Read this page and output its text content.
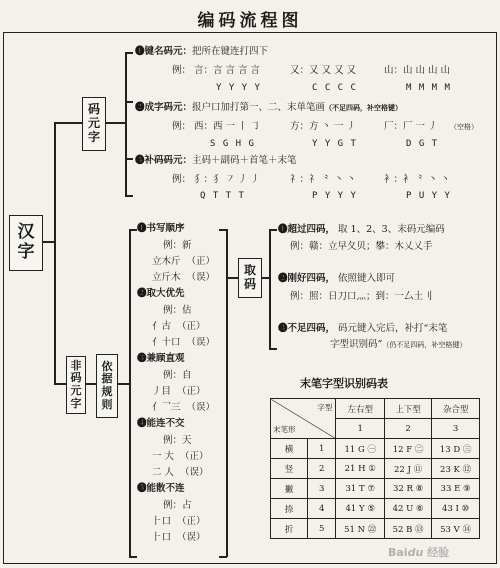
编码流程图
汉
字
码
元
字
❶键名码元：把所在键连打四下
例： 言：言 言 言 言	又：又 又 又 又	山：山 山 山 山
Y Y Y Y	C C C C	M M M M
❷成字码元：报户口加打第一、二、末单笔画（不足四码，补空格键）
例： 西：西 一 丨 ㇆	方：方 丶 一 丿	厂：厂 一 丿 （空格）
S G H G	Y Y G T	D G T
❸补码码元：主码＋副码＋首笔＋末笔
例： 犭：犭 ㇇ 丿 丿	礻：礻 ⺀ 丶 丶	衤：衤 ⺀ 丶 丶
Q T T T	P Y Y Y	P U Y Y
非
码
元
字
依
据
规
则
❶书写顺序
例：新
立木斤 （正）
立斤木 （误）
❷取大优先
例：估
亻古 （正）
亻十口 （误）
❸兼顾直观
例：自
丿目 （正）
亻乛三 （误）
❹能连不交
例：天
一 大 （正）
二 人 （误）
❺能散不连
例：占
⺊口 （正）
⺊口 （误）
取
码
❶超过四码， 取 1、2、3、末码元编码
例：赣：立早夂贝；攀：木乂乂手
❷刚好四码， 依照键入即可
例：照：日刀口灬；到：一厶土刂
❸不足四码， 码元键入完后，补打“末笔
字型识别码”（仍不足四码，补空格键）
末笔字型识别码表
字型
末笔形		左右型	上下型	杂合型
		1	2	3
横	1	11 G ㊀	12 F ㊁	13 D ㊂
竖	2	21 H ①	22 J ⑪	23 K ⑫
撇	3	31 T ⑦	32 R ⑧	33 E ⑨
捺	4	41 Y ⑤	42 U ⑥	43 I ⑩
折	5	51 N ㉒	52 B ⑬	53 V ⑭
Baidu 经验
